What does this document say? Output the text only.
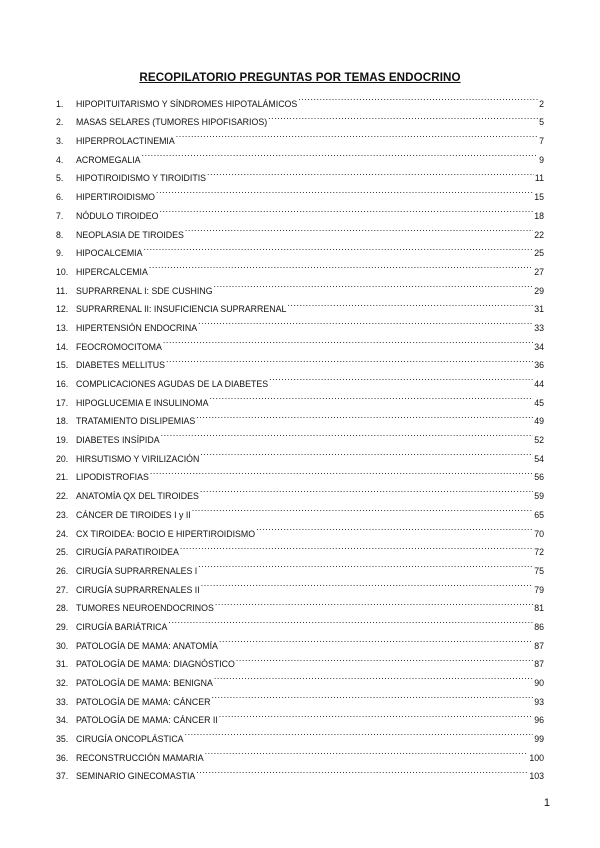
RECOPILATORIO PREGUNTAS POR TEMAS ENDOCRINO
1.	HIPOPITUITARISMO Y SÍNDROMES HIPOTALÁMICOS .....	2
2.	MASAS SELARES (TUMORES HIPOFISARIOS) .....	5
3.	HIPERPROLACTINEMIA .....	7
4.	ACROMEGALIA .....	9
5.	HIPOTIROIDISMO Y TIROIDITIS .....	11
6.	HIPERTIROIDISMO .....	15
7.	NÓDULO TIROIDEO .....	18
8.	NEOPLASIA DE TIROIDES .....	22
9.	HIPOCALCEMIA .....	25
10. HIPERCALCEMIA .....	27
11. SUPRARRENAL I: SDE CUSHING .....	29
12. SUPRARRENAL II: INSUFICIENCIA SUPRARRENAL .....	31
13. HIPERTENSIÓN ENDOCRINA .....	33
14. FEOCROMOCITOMA .....	34
15. DIABETES MELLITUS .....	36
16. COMPLICACIONES AGUDAS DE LA DIABETES .....	44
17. HIPOGLUCEMIA E INSULINOMA .....	45
18. TRATAMIENTO DISLIPEMIAS .....	49
19. DIABETES INSÍPIDA .....	52
20. HIRSUTISMO Y VIRILIZACIÓN .....	54
21. LIPODISTROFIAS .....	56
22. ANATOMÍA QX DEL TIROIDES .....	59
23. CÁNCER DE TIROIDES I y II .....	65
24. CX TIROIDEA: BOCIO E HIPERTIROIDISMO .....	70
25. CIRUGÍA PARATIROIDEA .....	72
26. CIRUGÍA SUPRARRENALES I .....	75
27. CIRUGÍA SUPRARRENALES II .....	79
28. TUMORES NEUROENDOCRINOS .....	81
29. CIRUGÍA BARIÁTRICA .....	86
30. PATOLOGÍA DE MAMA: ANATOMÍA .....	87
31. PATOLOGÍA DE MAMA: DIAGNÓSTICO .....	87
32. PATOLOGÍA DE MAMA: BENIGNA .....	90
33. PATOLOGÍA DE MAMA: CÁNCER .....	93
34. PATOLOGÍA DE MAMA: CÁNCER II .....	96
35. CIRUGÍA ONCOPLÁSTICA .....	99
36. RECONSTRUCCIÓN MAMARIA .....	100
37. SEMINARIO GINECOMASTIA .....	103
1
